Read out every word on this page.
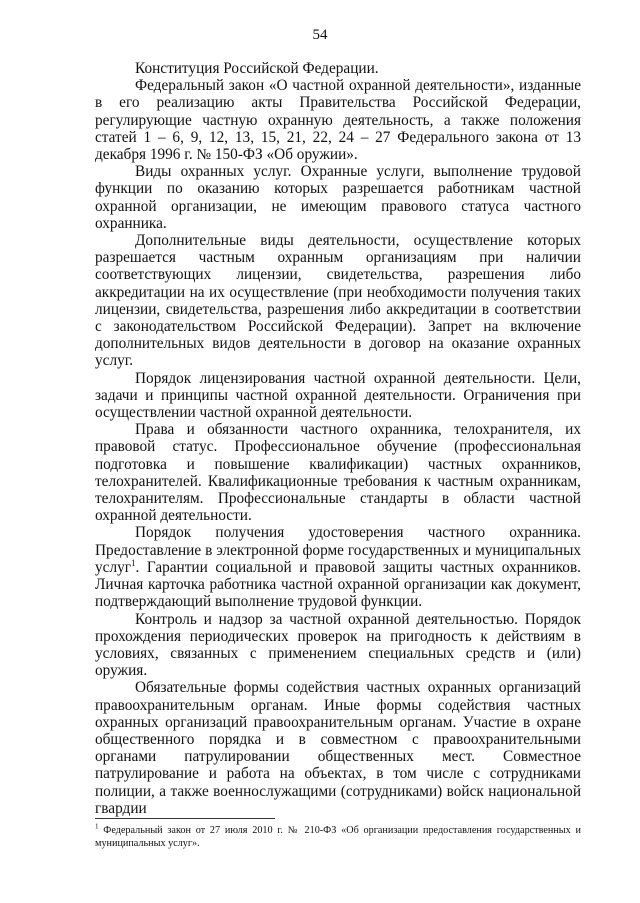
54

Конституция Российской Федерации.

Федеральный закон «О частной охранной деятельности», изданные в его реализацию акты Правительства Российской Федерации, регулирующие частную охранную деятельность, а также положения статей 1 – 6, 9, 12, 13, 15, 21, 22, 24 – 27 Федерального закона от 13 декабря 1996 г. № 150-ФЗ «Об оружии».

Виды охранных услуг. Охранные услуги, выполнение трудовой функции по оказанию которых разрешается работникам частной охранной организации, не имеющим правового статуса частного охранника.

Дополнительные виды деятельности, осуществление которых разрешается частным охранным организациям при наличии соответствующих лицензии, свидетельства, разрешения либо аккредитации на их осуществление (при необходимости получения таких лицензии, свидетельства, разрешения либо аккредитации в соответствии с законодательством Российской Федерации). Запрет на включение дополнительных видов деятельности в договор на оказание охранных услуг.

Порядок лицензирования частной охранной деятельности. Цели, задачи и принципы частной охранной деятельности. Ограничения при осуществлении частной охранной деятельности.

Права и обязанности частного охранника, телохранителя, их правовой статус. Профессиональное обучение (профессиональная подготовка и повышение квалификации) частных охранников, телохранителей. Квалификационные требования к частным охранникам, телохранителям. Профессиональные стандарты в области частной охранной деятельности.

Порядок получения удостоверения частного охранника. Предоставление в электронной форме государственных и муниципальных услуг$^1$. Гарантии социальной и правовой защиты частных охранников. Личная карточка работника частной охранной организации как документ, подтверждающий выполнение трудовой функции.

Контроль и надзор за частной охранной деятельностью. Порядок прохождения периодических проверок на пригодность к действиям в условиях, связанных с применением специальных средств и (или) оружия.

Обязательные формы содействия частных охранных организаций правоохранительным органам. Иные формы содействия частных охранных организаций правоохранительным органам. Участие в охране общественного порядка и в совместном с правоохранительными органами патрулировании общественных мест. Совместное патрулирование и работа на объектах, в том числе с сотрудниками полиции, а также военнослужащими (сотрудниками) войск национальной гвардии

$^1$ Федеральный закон от 27 июля 2010 г. № 210-ФЗ «Об организации предоставления государственных и муниципальных услуг».
